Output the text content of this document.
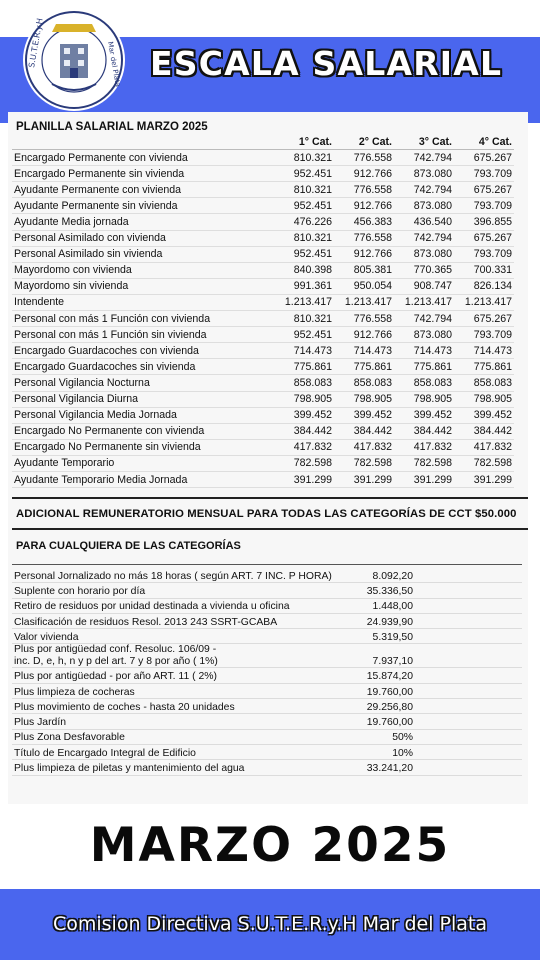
S.U.T.E.R.y.H	Mar del Plata ESCALA SALARIAL
PLANILLA SALARIAL MARZO 2025
	1° Cat.	2° Cat.	3° Cat.	4° Cat.
Encargado Permanente con vivienda	810.321	776.558	742.794	675.267
Encargado Permanente sin vivienda	952.451	912.766	873.080	793.709
Ayudante Permanente con vivienda	810.321	776.558	742.794	675.267
Ayudante Permanente sin vivienda	952.451	912.766	873.080	793.709
Ayudante Media jornada	476.226	456.383	436.540	396.855
Personal Asimilado con vivienda	810.321	776.558	742.794	675.267
Personal Asimilado sin vivienda	952.451	912.766	873.080	793.709
Mayordomo con vivienda	840.398	805.381	770.365	700.331
Mayordomo sin vivienda	991.361	950.054	908.747	826.134
Intendente	1.213.417	1.213.417	1.213.417	1.213.417
Personal con más 1 Función con vivienda	810.321	776.558	742.794	675.267
Personal con más 1 Función sin vivienda	952.451	912.766	873.080	793.709
Encargado Guardacoches con vivienda	714.473	714.473	714.473	714.473
Encargado Guardacoches sin vivienda	775.861	775.861	775.861	775.861
Personal Vigilancia Nocturna	858.083	858.083	858.083	858.083
Personal Vigilancia Diurna	798.905	798.905	798.905	798.905
Personal Vigilancia Media Jornada	399.452	399.452	399.452	399.452
Encargado No Permanente con vivienda	384.442	384.442	384.442	384.442
Encargado No Permanente sin vivienda	417.832	417.832	417.832	417.832
Ayudante Temporario	782.598	782.598	782.598	782.598
Ayudante Temporario Media Jornada	391.299	391.299	391.299	391.299
ADICIONAL REMUNERATORIO MENSUAL PARA TODAS LAS CATEGORÍAS DE CCT $50.000
PARA CUALQUIERA DE LAS CATEGORÍAS
Personal Jornalizado no más 18 horas ( según ART. 7 INC. P HORA)	8.092,20	
Suplente con horario por día	35.336,50	
Retiro de residuos por unidad destinada a vivienda u oficina	1.448,00	
Clasificación de residuos Resol. 2013 243 SSRT-GCABA	24.939,90	
Valor vivienda	5.319,50	
Plus por antigüedad conf. Resoluc. 106/09 -
inc. D, e, h, n y p del art. 7 y 8 por año ( 1%)	7.937,10	
Plus por antigüedad - por año ART. 11 ( 2%)	15.874,20	
Plus limpieza de cocheras	19.760,00	
Plus movimiento de coches - hasta 20 unidades	29.256,80	
Plus Jardín	19.760,00	
Plus Zona Desfavorable	50%	
Título de Encargado Integral de Edificio	10%	
Plus limpieza de piletas y mantenimiento del agua	33.241,20	
MARZO 2025
Comision Directiva S.U.T.E.R.y.H Mar del Plata
